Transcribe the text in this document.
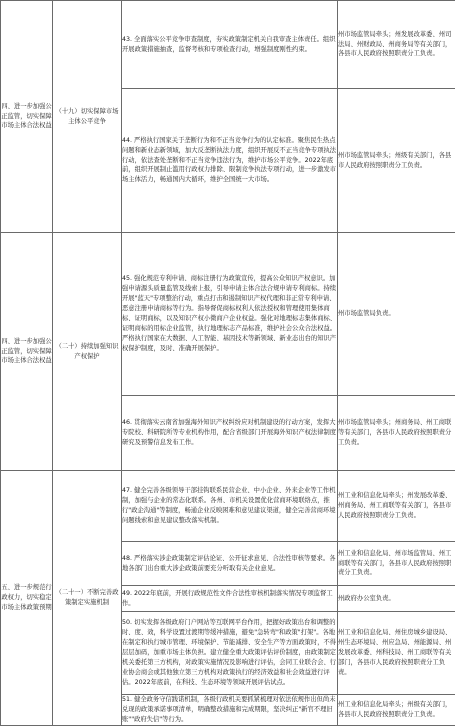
四、进一步加强公正监管，切实保障市场主体合法权益	（十九）切实保障市场主体公平竞争	43. 全面落实公平竞争审查制度，夯实政策制定机关自我审查主体责任。组织开展政策措施抽查，监督考核和专项检查行动，增强制度刚性约束。	州市场监管局牵头；州发展改革委、州司法局、州财政局、州商务局等有关部门，各县市人民政府按照职责分工负责。

		44. 严格执行国家关于垄断行为和不正当竞争行为的认定标准。聚焦民生热点问题和新业态新领域，加大反垄断执法力度，组织开展反不正当竞争专项执法行动，依法查处垄断和不正当竞争违法行为，维护市场公平竞争。2022年底前，组织开展制止滥用行政权力排除、限制竞争执法专项行动，进一步激发市场主体活力，畅通国内大循环，维护全国统一大市场。	州市场监管局牵头；州级有关部门，各县市人民政府按照职责分工负责。

四、进一步加强公正监管，切实保障市场主体合法权益	（二十）持续加强知识产权保护	45. 强化规范专利申请、商标注册行为政策宣传，提高公众知识产权意识。加强申请源头质量监管及线索上报，引导申请主体合法合规申请专利商标。持续开展"蓝天"专项整治行动，重点打击和遏制知识产权代理和非正常专利申请、恶意注册申请商标等行为。指导督促商标权利人依法授权和管理使用集体商标、证明商标，以及知识产权小微商户企业权益。强化对地理标志集体商标、证明商标的用标企业监管，执行地理标志产品标准，维护社会公众合法权益。严格执行国家在大数据、人工智能、基因技术等新领域、新业态出台的知识产权保护制度，及时、准确开展保护。	州市场监管局负责。

		46. 贯彻落实云南省加强海外知识产权纠纷应对机制建设的行动方案，发挥大专院校、科研院所等专业机构作用，配合省级部门开展海外知识产权法律制度研究及预警信息发布工作。	州市场监管局牵头；州商务局、州工商联等有关部门，各县市人民政府按照职责分工负责。

五、进一步规范行政权力，切实稳定市场主体政策预期	（二十一）不断完善政策制定实施机制	47. 健全完善各级领导干部挂钩联系民营企业、中小企业、外来企业等工作机制，加强与企业的常态化联系。各州、市机关设置优化营商环境联络点，推行"政企沟通"等制度，畅通企业反映困难和意见建议渠道，健全完善营商环境问题线索和意见建议整改落实机制。	州工业和信息化局牵头；州发展改革委、州商务局、州工商联等有关部门，各县市人民政府按照职责分工负责。

		48. 严格落实涉企政策制定评估论证、公开征求意见、合法性审核等要求。各地各部门出台重大涉企政策前要充分听取有关企业意见。	州工业和信息化局、州市场监管局、州工商联等有关部门，各县市人民政府按照职责分工负责。

		49. 2022年底前，开展行政规范性文件合法性审核机制落实情况专项监督工作。	州政府办公室负责。

		50. 切实发挥各级政府门户网站等互联网平台作用，把握好政策出台和调整的时、度、效，科学设置过渡期等缓冲措施，避免"急转弯"和政策"打架"。各地在制定和执行城市管理、环境保护、节能减排、安全生产等方面政策时，不得层层加码，加重市场主体负担。建立健全重大政策评估评价制度，由政策制定机关委托第三方机构，对政策实施情况及影响进行评估，会同工业联合会、行业协会商会或其他独立第三方机构对政策执行的经济效益和社会效益进行评估。2022年底前，在科技、生态环境等领域开展评估试点。	州工业和信息化局、州住房城乡建设局、州生态环境局、州应急局、州能源局、州发展改革委、州科技局、州工商联等有关部门，各县市人民政府按照职责分工负责。

		51. 健全政务守信践诺机制，各级行政机关要抓紧梳理对依法依规作出但尚未兑现的政策承诺事项清单，明确整改措施和完成期限，坚决纠正"新官不理旧账""政府失信"等行为。	州工业和信息化局牵头；州级有关部门，各县市人民政府按照职责分工负责。
